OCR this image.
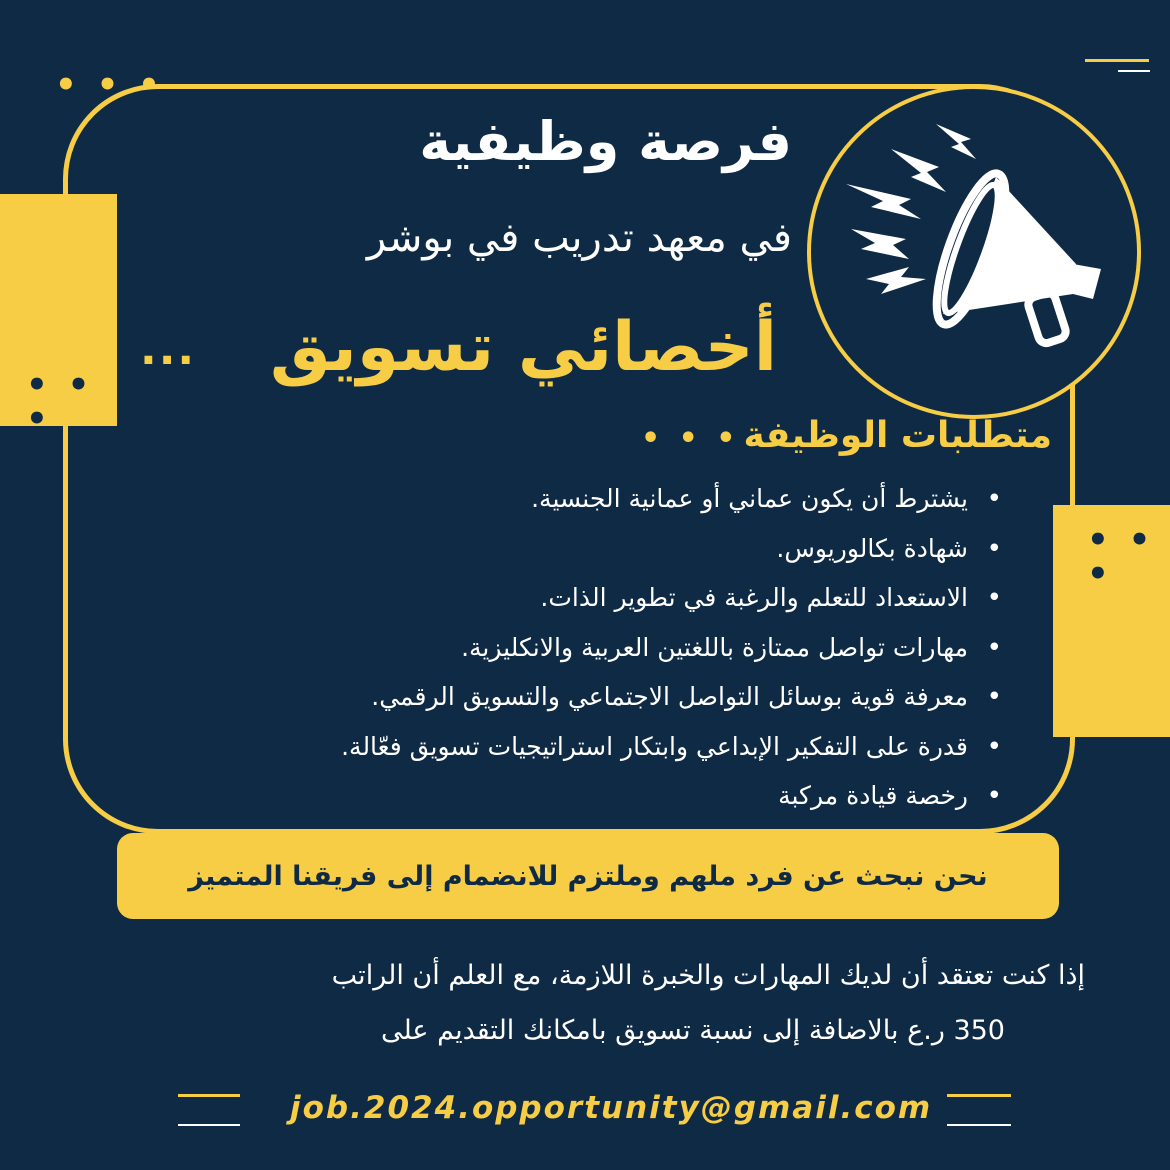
• • •
• • •
• • •
فرصة وظيفية
في معهد تدريب في بوشر
أخصائي تسويق
...
متطلبات الوظيفة
• • •
• يشترط أن يكون عماني أو عمانية الجنسية.
• شهادة بكالوريوس.
• الاستعداد للتعلم والرغبة في تطوير الذات.
• مهارات تواصل ممتازة باللغتين العربية والانكليزية.
• معرفة قوية بوسائل التواصل الاجتماعي والتسويق الرقمي.
• قدرة على التفكير الإبداعي وابتكار استراتيجيات تسويق فعّالة.
• رخصة قيادة مركبة
نحن نبحث عن فرد ملهم وملتزم للانضمام إلى فريقنا المتميز
إذا كنت تعتقد أن لديك المهارات والخبرة اللازمة، مع العلم أن الراتب
350 ر.ع بالاضافة إلى نسبة تسويق بامكانك التقديم على
job.2024.opportunity@gmail.com
